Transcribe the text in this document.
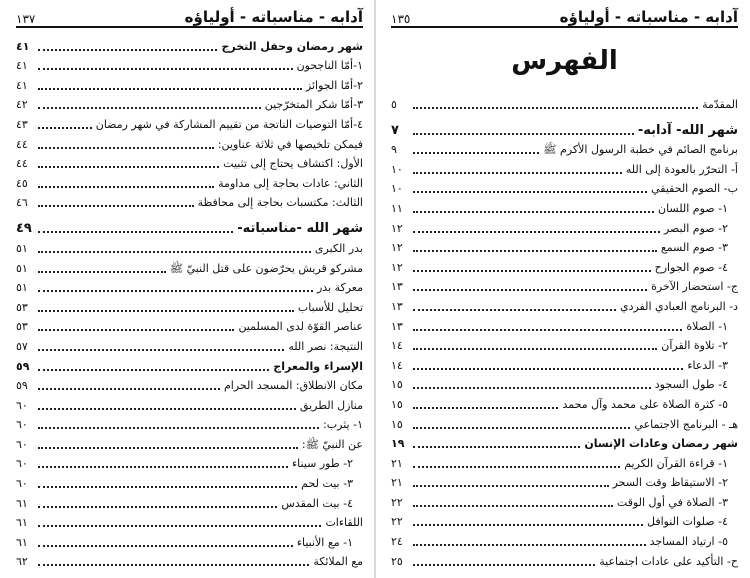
آدابه - مناسباته - أولياؤه
١٣٧
شهر رمضان وحفل التخرج
٤١
١-أمّا الناجحون
٤١
٢-أمّا الجوائز
٤١
٣-أمّا شكر المتخرّجين
٤٢
٤-أمّا التوصيات الناتجة من تقييم المشاركة في شهر رمضان
٤٣
فيمكن تلخيصها في ثلاثة عناوين:
٤٤
الأول: اكتشاف يحتاج إلى تثبيت
٤٤
الثاني: عادات بحاجة إلى مداومة
٤٥
الثالث: مكتسبات بحاجة إلى محافظة
٤٦
شهر الله -مناسباته-
٤٩
بدر الكبرى
٥١
مشركو قريش يحرّضون على قتل النبيّ ﷺ
٥١
معركة بدر
٥١
تحليل للأسباب
٥٣
عناصر القوّة لدى المسلمين
٥٣
النتيجة: نصر الله
٥٧
الإسراء والمعراج
٥٩
مكان الانطلاق: المسجد الحرام
٥٩
منازل الطريق
٦٠
١- يثرب:
٦٠
عن النبيّ ﷺ:
٦٠
٢- طور سيناء
٦٠
٣- بيت لحم
٦٠
٤- بيت المقدس
٦١
اللقاءات
٦١
١- مع الأنبياء
٦١
مع الملائكة
٦٢
آدابه - مناسباته - أولياؤه
١٣٥
الفهرس
المقدّمة
٥
شهر الله- آدابه-
٧
برنامج الصائم في خطبة الرسول الأكرم ﷺ
٩
أ- التحرّر بالعودة إلى الله
١٠
ب- الصوم الحقيقي
١٠
١- صوم اللسان
١١
٢- صوم البصر
١٢
٣- صوم السمع
١٢
٤- صوم الجوارح
١٢
ج- استحضار الآخرة
١٣
د- البرنامج العبادي الفردي
١٣
١- الصلاة
١٣
٢- تلاوة القرآن
١٤
٣- الدعاء
١٤
٤- طول السجود
١٥
٥- كثرة الصلاة على محمد وآل محمد
١٥
هـ - البرنامج الاجتماعي
١٥
شهر رمضان وعادات الإنسان
١٩
١- قراءة القرآن الكريم
٢١
٢- الاستيقاظ وقت السحر
٢١
٣- الصلاة في أول الوقت
٢٢
٤- صلوات النوافل
٢٢
٥- ارتياد المساجد
٢٤
ح- التأكيد على عادات اجتماعية
٢٥
